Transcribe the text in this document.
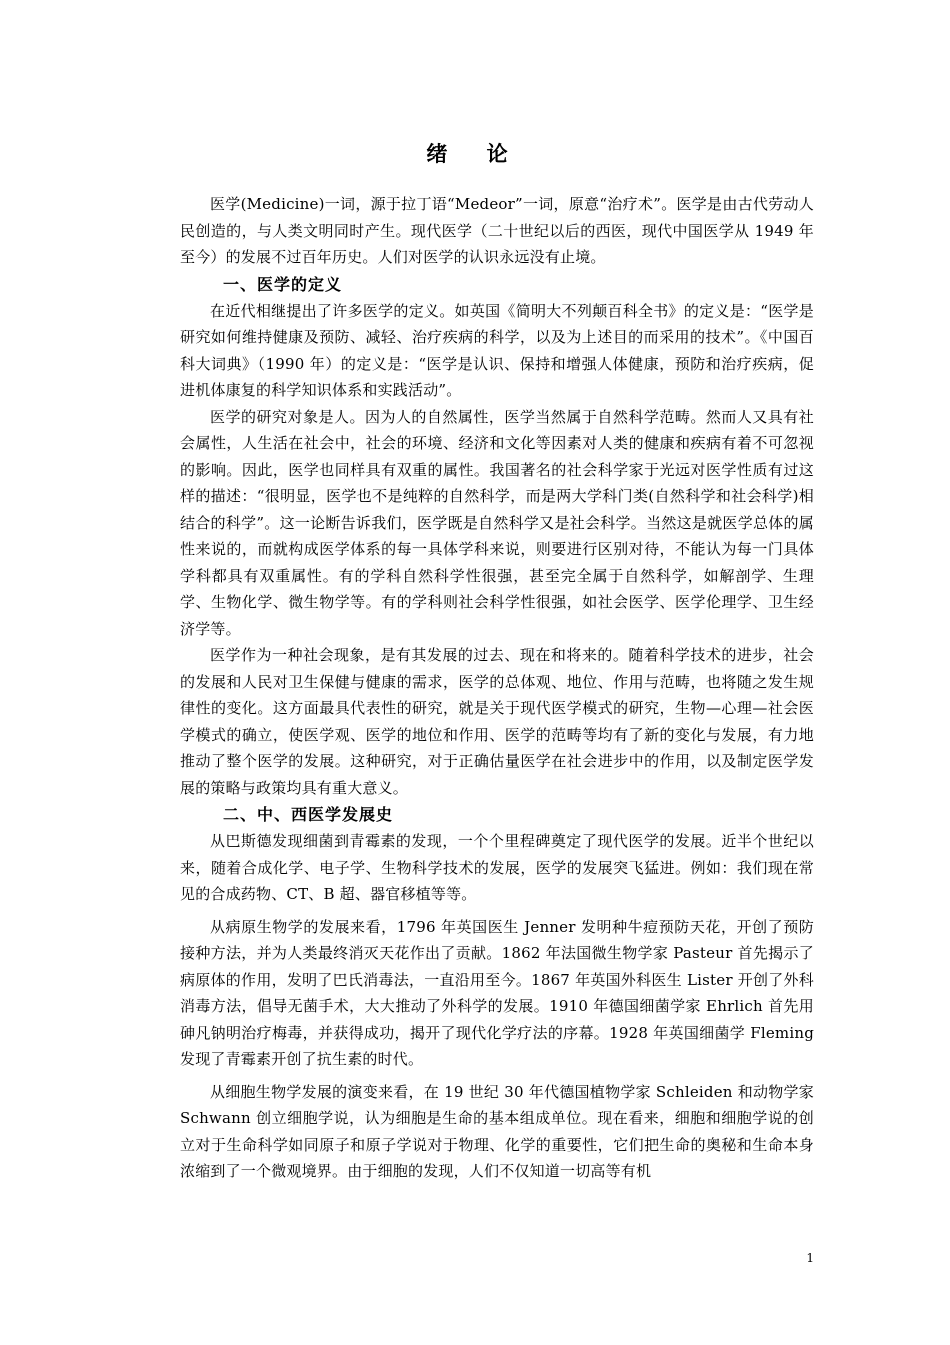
绪 论

医学(Medicine)一词，源于拉丁语“Medeor”一词，原意“治疗术”。医学是由古代劳动人民创造的，与人类文明同时产生。现代医学（二十世纪以后的西医，现代中国医学从 1949 年至今）的发展不过百年历史。人们对医学的认识永远没有止境。

一、医学的定义

在近代相继提出了许多医学的定义。如英国《简明大不列颠百科全书》的定义是：“医学是研究如何维持健康及预防、减轻、治疗疾病的科学，以及为上述目的而采用的技术”。《中国百科大词典》（1990 年）的定义是：“医学是认识、保持和增强人体健康，预防和治疗疾病，促进机体康复的科学知识体系和实践活动”。

医学的研究对象是人。因为人的自然属性，医学当然属于自然科学范畴。然而人又具有社会属性，人生活在社会中，社会的环境、经济和文化等因素对人类的健康和疾病有着不可忽视的影响。因此，医学也同样具有双重的属性。我国著名的社会科学家于光远对医学性质有过这样的描述：“很明显，医学也不是纯粹的自然科学，而是两大学科门类(自然科学和社会科学)相结合的科学”。这一论断告诉我们，医学既是自然科学又是社会科学。当然这是就医学总体的属性来说的，而就构成医学体系的每一具体学科来说，则要进行区别对待，不能认为每一门具体学科都具有双重属性。有的学科自然科学性很强，甚至完全属于自然科学，如解剖学、生理学、生物化学、微生物学等。有的学科则社会科学性很强，如社会医学、医学伦理学、卫生经济学等。

医学作为一种社会现象，是有其发展的过去、现在和将来的。随着科学技术的进步，社会的发展和人民对卫生保健与健康的需求，医学的总体观、地位、作用与范畴，也将随之发生规律性的变化。这方面最具代表性的研究，就是关于现代医学模式的研究，生物—心理—社会医学模式的确立，使医学观、医学的地位和作用、医学的范畴等均有了新的变化与发展，有力地推动了整个医学的发展。这种研究，对于正确估量医学在社会进步中的作用，以及制定医学发展的策略与政策均具有重大意义。

二、中、西医学发展史

从巴斯德发现细菌到青霉素的发现，一个个里程碑奠定了现代医学的发展。近半个世纪以来，随着合成化学、电子学、生物科学技术的发展，医学的发展突飞猛进。例如：我们现在常见的合成药物、CT、B 超、器官移植等等。

从病原生物学的发展来看，1796 年英国医生 Jenner 发明种牛痘预防天花，开创了预防接种方法，并为人类最终消灭天花作出了贡献。1862 年法国微生物学家 Pasteur 首先揭示了病原体的作用，发明了巴氏消毒法，一直沿用至今。1867 年英国外科医生 Lister 开创了外科消毒方法，倡导无菌手术，大大推动了外科学的发展。1910 年德国细菌学家 Ehrlich 首先用砷凡钠明治疗梅毒，并获得成功，揭开了现代化学疗法的序幕。1928 年英国细菌学 Fleming 发现了青霉素开创了抗生素的时代。

从细胞生物学发展的演变来看，在 19 世纪 30 年代德国植物学家 Schleiden 和动物学家 Schwann 创立细胞学说，认为细胞是生命的基本组成单位。现在看来，细胞和细胞学说的创立对于生命科学如同原子和原子学说对于物理、化学的重要性，它们把生命的奥秘和生命本身浓缩到了一个微观境界。由于细胞的发现，人们不仅知道一切高等有机

1
